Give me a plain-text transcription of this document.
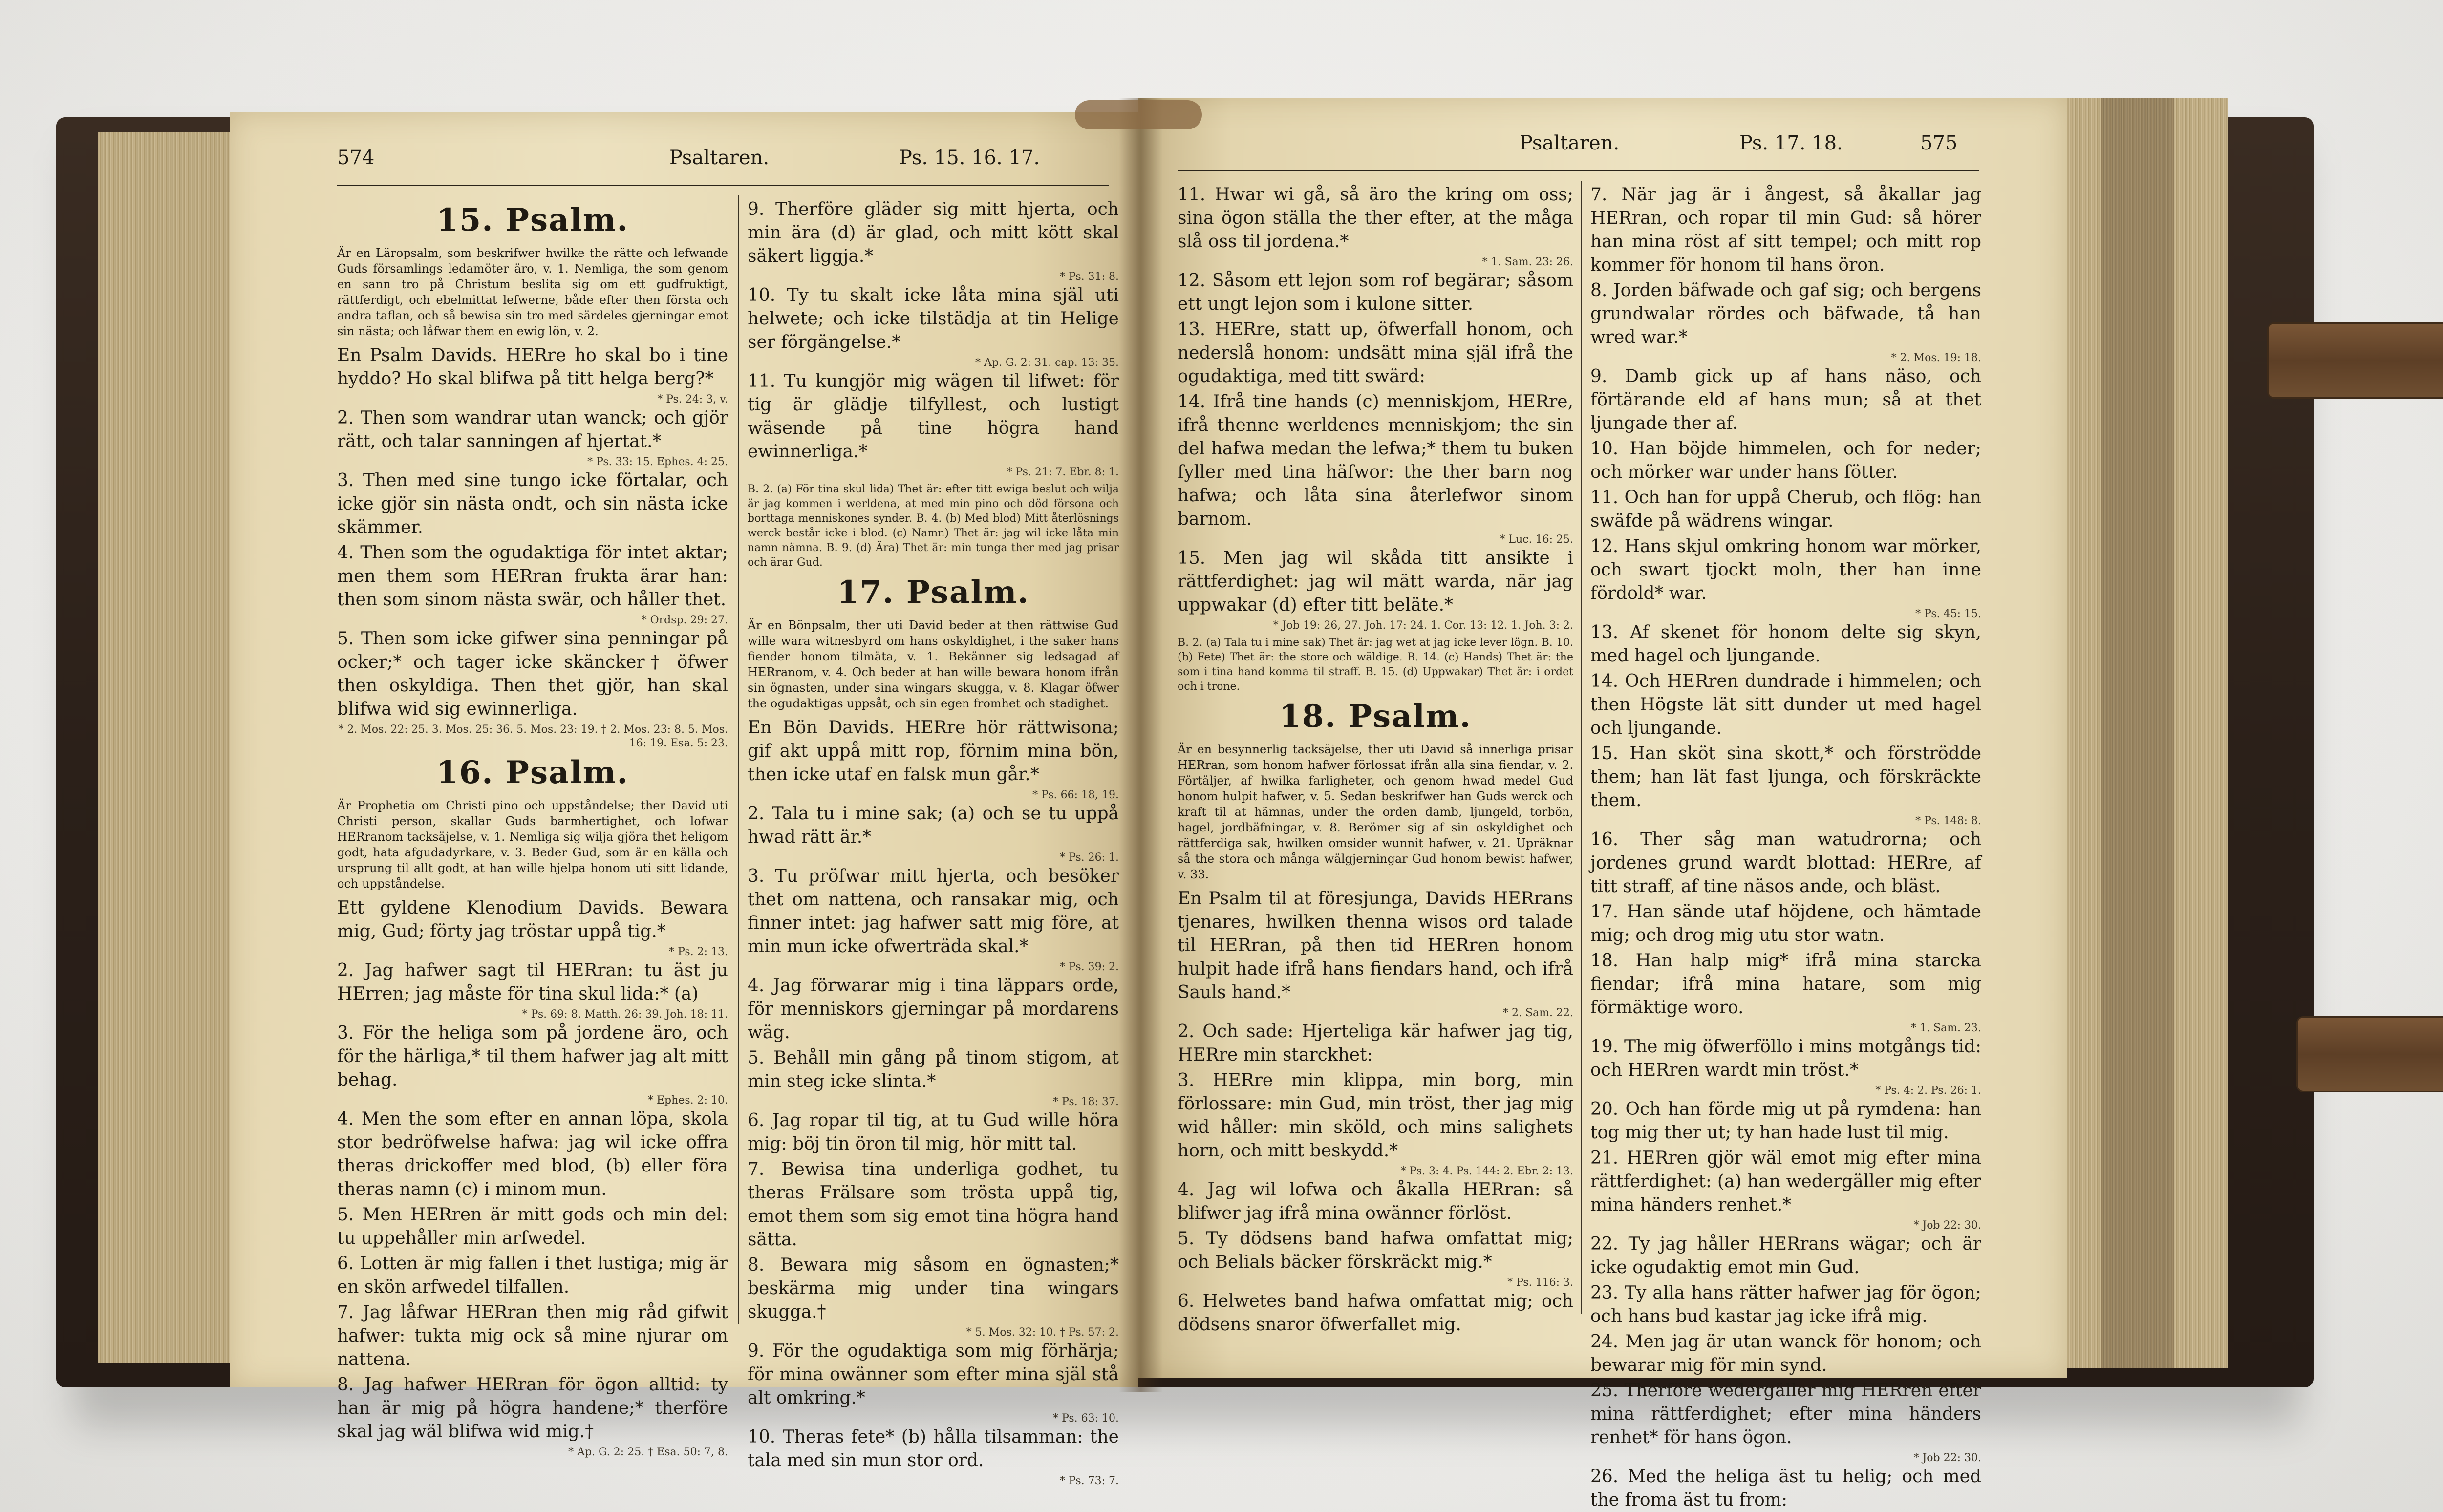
574	Psaltaren.	Ps. 15. 16. 17.
15. Psalm.
Är en Läropsalm, som beskrifwer hwilke the rätte och lefwande Guds församlings ledamöter äro, v. 1. Nemliga, the som genom en sann tro på Christum beslita sig om ett gudfruktigt, rättferdigt, och ebelmittat lefwerne, både efter then första och andra taflan, och så bewisa sin tro med särdeles gjerningar emot sin nästa; och låfwar them en ewig lön, v. 2.

En Psalm Davids. HERre ho skal bo i tine hyddo? Ho skal blifwa på titt helga berg?*

* Ps. 24: 3, v.

2. Then som wandrar utan wanck; och gjör rätt, och talar sanningen af hjertat.*

* Ps. 33: 15. Ephes. 4: 25.

3. Then med sine tungo icke förtalar, och icke gjör sin nästa ondt, och sin nästa icke skämmer.

4. Then som the ogudaktiga för intet aktar; men them som HERran frukta ärar han: then som sinom nästa swär, och håller thet.

* Ordsp. 29: 27.

5. Then som icke gifwer sina penningar på ocker;* och tager icke skäncker† öfwer then oskyldiga. Then thet gjör, han skal blifwa wid sig ewinnerliga.

* 2. Mos. 22: 25. 3. Mos. 25: 36. 5. Mos. 23: 19. † 2. Mos. 23: 8. 5. Mos. 16: 19. Esa. 5: 23.
16. Psalm.
Är Prophetia om Christi pino och uppståndelse; ther David uti Christi person, skallar Guds barmhertighet, och lofwar HERranom tacksäjelse, v. 1. Nemliga sig wilja gjöra thet heligom godt, hata afgudadyrkare, v. 3. Beder Gud, som är en källa och ursprung til allt godt, at han wille hjelpa honom uti sitt lidande, och uppståndelse.

Ett gyldene Klenodium Davids. Bewara mig, Gud; förty jag tröstar uppå tig.*

* Ps. 2: 13.

2. Jag hafwer sagt til HERran: tu äst ju HErren; jag måste för tina skul lida:* (a)

* Ps. 69: 8. Matth. 26: 39. Joh. 18: 11.

3. För the heliga som på jordene äro, och för the härliga,* til them hafwer jag alt mitt behag.

* Ephes. 2: 10.

4. Men the som efter en annan löpa, skola stor bedröfwelse hafwa: jag wil icke offra theras drickoffer med blod, (b) eller föra theras namn (c) i minom mun.

5. Men HERren är mitt gods och min del: tu uppehåller min arfwedel.

6. Lotten är mig fallen i thet lustiga; mig är en skön arfwedel tilfallen.

7. Jag låfwar HERran then mig råd gifwit hafwer: tukta mig ock så mine njurar om nattena.

8. Jag hafwer HERran för ögon alltid: ty han är mig på högra handene;* therföre skal jag wäl blifwa wid mig.†

* Ap. G. 2: 25. † Esa. 50: 7, 8.

9. Therföre gläder sig mitt hjerta, och min ära (d) är glad, och mitt kött skal säkert liggja.*

* Ps. 31: 8.

10. Ty tu skalt icke låta mina själ uti helwete; och icke tilstädja at tin Helige ser förgängelse.*

* Ap. G. 2: 31. cap. 13: 35.

11. Tu kungjör mig wägen til lifwet: för tig är glädje tilfyllest, och lustigt wäsende på tine högra hand ewinnerliga.*

* Ps. 21: 7. Ebr. 8: 1.
B. 2. (a) För tina skul lida) Thet är: efter titt ewiga beslut och wilja är jag kommen i werldena, at med min pino och död försona och borttaga menniskones synder. B. 4. (b) Med blod) Mitt återlösnings werck består icke i blod. (c) Namn) Thet är: jag wil icke låta min namn nämna. B. 9. (d) Ära) Thet är: min tunga ther med jag prisar och ärar Gud.
17. Psalm.
Är en Bönpsalm, ther uti David beder at then rättwise Gud wille wara witnesbyrd om hans oskyldighet, i the saker hans fiender honom tilmäta, v. 1. Bekänner sig ledsagad af HERranom, v. 4. Och beder at han wille bewara honom ifrån sin ögnasten, under sina wingars skugga, v. 8. Klagar öfwer the ogudaktigas uppsåt, och sin egen fromhet och stadighet.

En Bön Davids. HERre hör rättwisona; gif akt uppå mitt rop, förnim mina bön, then icke utaf en falsk mun går.*

* Ps. 66: 18, 19.

2. Tala tu i mine sak; (a) och se tu uppå hwad rätt är.*

* Ps. 26: 1.

3. Tu pröfwar mitt hjerta, och besöker thet om nattena, och ransakar mig, och finner intet: jag hafwer satt mig före, at min mun icke ofwerträda skal.*

* Ps. 39: 2.

4. Jag förwarar mig i tina läppars orde, för menniskors gjerningar på mordarens wäg.

5. Behåll min gång på tinom stigom, at min steg icke slinta.*

* Ps. 18: 37.

6. Jag ropar til tig, at tu Gud wille höra mig: böj tin öron til mig, hör mitt tal.

7. Bewisa tina underliga godhet, tu theras Frälsare som trösta uppå tig, emot them som sig emot tina högra hand sätta.

8. Bewara mig såsom en ögnasten;* beskärma mig under tina wingars skugga.†

* 5. Mos. 32: 10. † Ps. 57: 2.

9. För the ogudaktiga som mig förhärja; för mina owänner som efter mina själ stå alt omkring.*

* Ps. 63: 10.

10. Theras fete* (b) hålla tilsamman: the tala med sin mun stor ord.

* Ps. 73: 7.
Psaltaren.	Ps. 17. 18.	575

11. Hwar wi gå, så äro the kring om oss; sina ögon ställa the ther efter, at the måga slå oss til jordena.*

* 1. Sam. 23: 26.

12. Såsom ett lejon som rof begärar; såsom ett ungt lejon som i kulone sitter.

13. HERre, statt up, öfwerfall honom, och nederslå honom: undsätt mina själ ifrå the ogudaktiga, med titt swärd:

14. Ifrå tine hands (c) menniskjom, HERre, ifrå thenne werldenes menniskjom; the sin del hafwa medan the lefwa;* them tu buken fyller med tina häfwor: the ther barn nog hafwa; och låta sina återlefwor sinom barnom.

* Luc. 16: 25.

15. Men jag wil skåda titt ansikte i rättferdighet: jag wil mätt warda, när jag uppwakar (d) efter titt beläte.*

* Job 19: 26, 27. Joh. 17: 24. 1. Cor. 13: 12. 1. Joh. 3: 2.
B. 2. (a) Tala tu i mine sak) Thet är: jag wet at jag icke lever lögn. B. 10. (b) Fete) Thet är: the store och wäldige. B. 14. (c) Hands) Thet är: the som i tina hand komma til straff. B. 15. (d) Uppwakar) Thet är: i ordet och i trone.
18. Psalm.
Är en besynnerlig tacksäjelse, ther uti David så innerliga prisar HERran, som honom hafwer förlossat ifrån alla sina fiendar, v. 2. Förtäljer, af hwilka farligheter, och genom hwad medel Gud honom hulpit hafwer, v. 5. Sedan beskrifwer han Guds werck och kraft til at hämnas, under the orden damb, ljungeld, torbön, hagel, jordbäfningar, v. 8. Berömer sig af sin oskyldighet och rättferdiga sak, hwilken omsider wunnit hafwer, v. 21. Upräknar så the stora och många wälgjerningar Gud honom bewist hafwer, v. 33.

En Psalm til at föresjunga, Davids HERrans tjenares, hwilken thenna wisos ord talade til HERran, på then tid HERren honom hulpit hade ifrå hans fiendars hand, och ifrå Sauls hand.*

* 2. Sam. 22.

2. Och sade: Hjerteliga kär hafwer jag tig, HERre min starckhet:

3. HERre min klippa, min borg, min förlossare: min Gud, min tröst, ther jag mig wid håller: min sköld, och mins salighets horn, och mitt beskydd.*

* Ps. 3: 4. Ps. 144: 2. Ebr. 2: 13.

4. Jag wil lofwa och åkalla HERran: så blifwer jag ifrå mina owänner förlöst.

5. Ty dödsens band hafwa omfattat mig; och Belials bäcker förskräckt mig.*

* Ps. 116: 3.

6. Helwetes band hafwa omfattat mig; och dödsens snaror öfwerfallet mig.

7. När jag är i ångest, så åkallar jag HERran, och ropar til min Gud: så hörer han mina röst af sitt tempel; och mitt rop kommer för honom til hans öron.

8. Jorden bäfwade och gaf sig; och bergens grundwalar rördes och bäfwade, tå han wred war.*

* 2. Mos. 19: 18.

9. Damb gick up af hans näso, och förtärande eld af hans mun; så at thet ljungade ther af.

10. Han böjde himmelen, och for neder; och mörker war under hans fötter.

11. Och han for uppå Cherub, och flög: han swäfde på wädrens wingar.

12. Hans skjul omkring honom war mörker, och swart tjockt moln, ther han inne fördold* war.

* Ps. 45: 15.

13. Af skenet för honom delte sig skyn, med hagel och ljungande.

14. Och HERren dundrade i himmelen; och then Högste lät sitt dunder ut med hagel och ljungande.

15. Han sköt sina skott,* och förströdde them; han lät fast ljunga, och förskräckte them.

* Ps. 148: 8.

16. Ther såg man watudrorna; och jordenes grund wardt blottad: HERre, af titt straff, af tine näsos ande, och bläst.

17. Han sände utaf höjdene, och hämtade mig; och drog mig utu stor watn.

18. Han halp mig* ifrå mina starcka fiendar; ifrå mina hatare, som mig förmäktige woro.

* 1. Sam. 23.

19. The mig öfwerföllo i mins motgångs tid: och HERren wardt min tröst.*

* Ps. 4: 2. Ps. 26: 1.

20. Och han förde mig ut på rymdena: han tog mig ther ut; ty han hade lust til mig.

21. HERren gjör wäl emot mig efter mina rättferdighet: (a) han wedergäller mig efter mina händers renhet.*

* Job 22: 30.

22. Ty jag håller HERrans wägar; och är icke ogudaktig emot min Gud.

23. Ty alla hans rätter hafwer jag för ögon; och hans bud kastar jag icke ifrå mig.

24. Men jag är utan wanck för honom; och bewarar mig för min synd.

25. Therföre wedergäller mig HERren efter mina rättferdighet; efter mina händers renhet* för hans ögon.

* Job 22: 30.

26. Med the heliga äst tu helig; och med the froma äst tu from:
